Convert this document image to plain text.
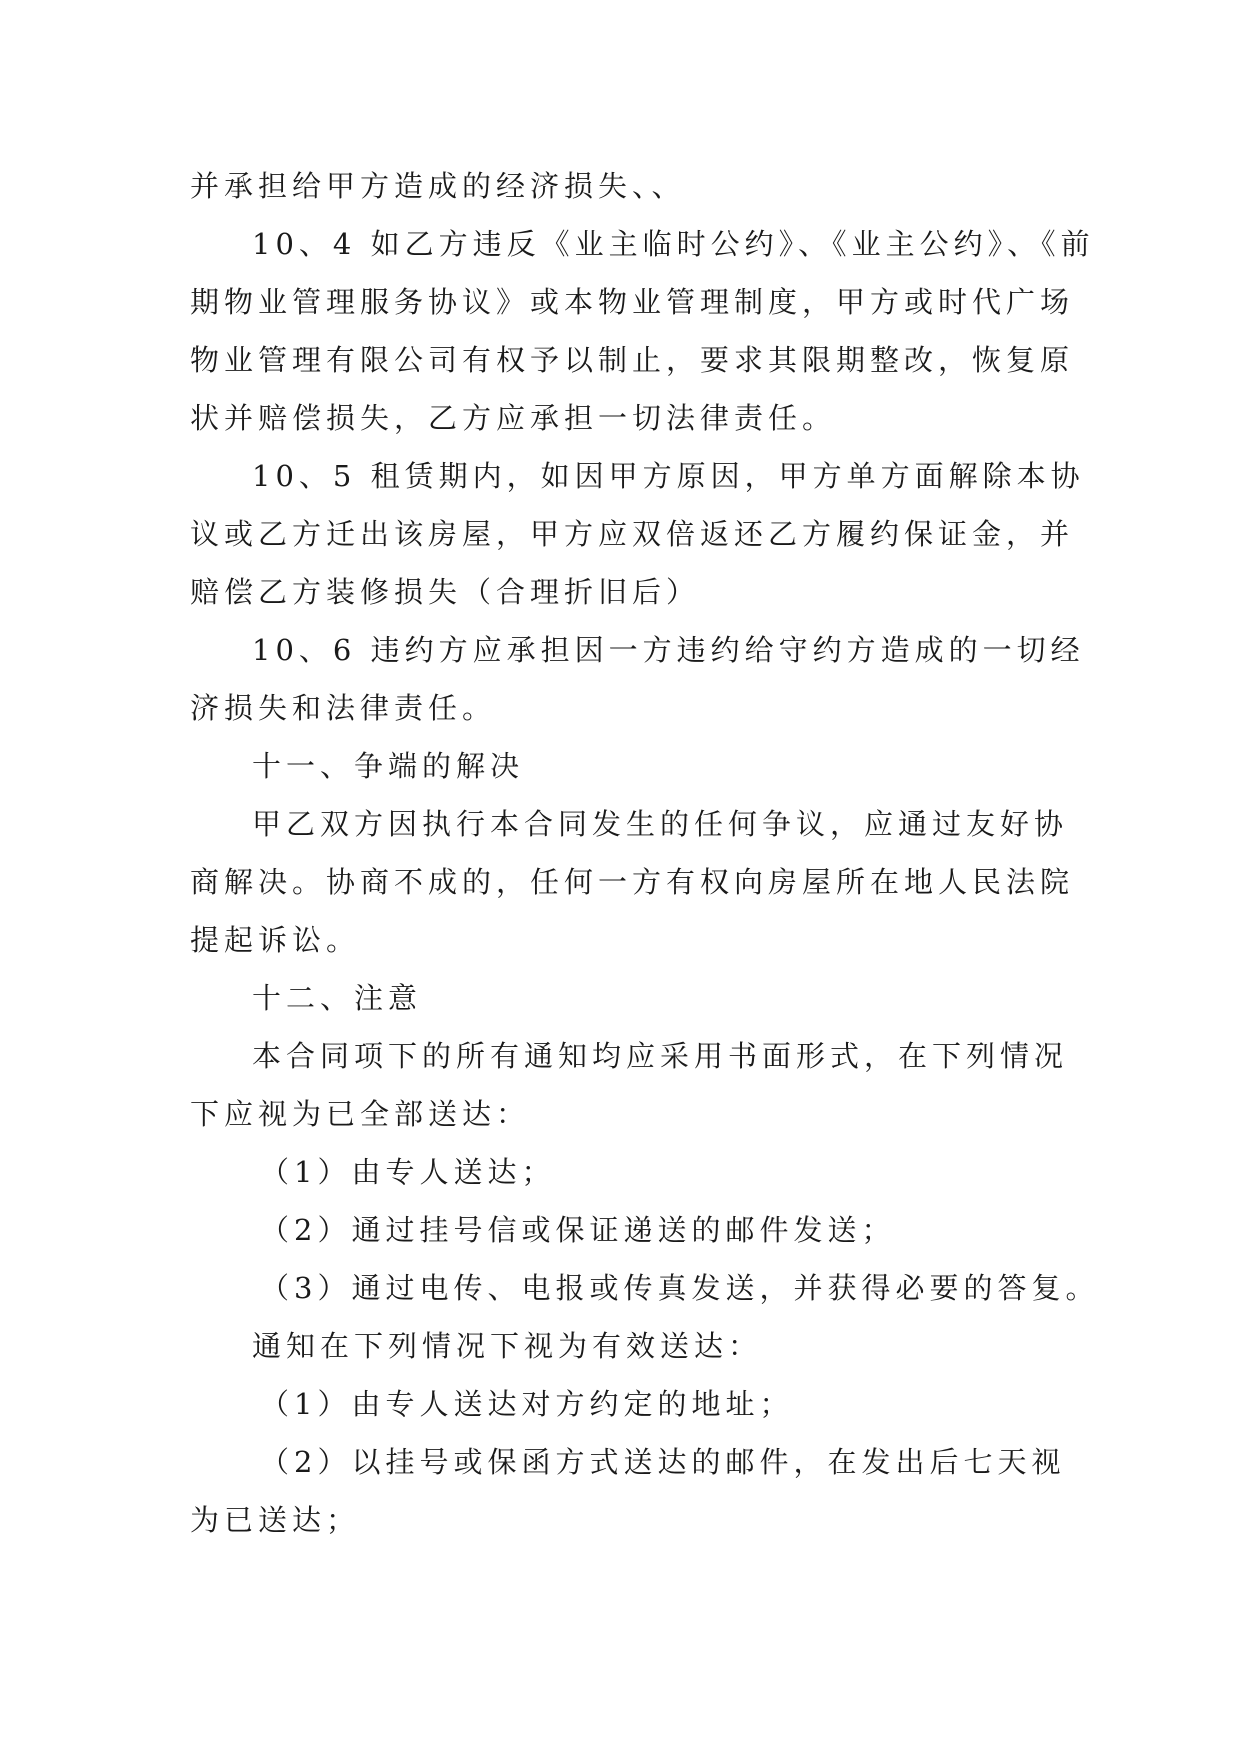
并承担给甲方造成的经济损失、、
10、4 如乙方违反《业主临时公约》、《业主公约》、《前
期物业管理服务协议》或本物业管理制度，甲方或时代广场
物业管理有限公司有权予以制止，要求其限期整改，恢复原
状并赔偿损失，乙方应承担一切法律责任。
10、5 租赁期内，如因甲方原因，甲方单方面解除本协
议或乙方迁出该房屋，甲方应双倍返还乙方履约保证金，并
赔偿乙方装修损失（合理折旧后）
10、6 违约方应承担因一方违约给守约方造成的一切经
济损失和法律责任。
十一、争端的解决
甲乙双方因执行本合同发生的任何争议，应通过友好协
商解决。协商不成的，任何一方有权向房屋所在地人民法院
提起诉讼。
十二、注意
本合同项下的所有通知均应采用书面形式，在下列情况
下应视为已全部送达：
（1）由专人送达；
（2）通过挂号信或保证递送的邮件发送；
（3）通过电传、电报或传真发送，并获得必要的答复。
通知在下列情况下视为有效送达：
（1）由专人送达对方约定的地址；
（2）以挂号或保函方式送达的邮件，在发出后七天视
为已送达；
